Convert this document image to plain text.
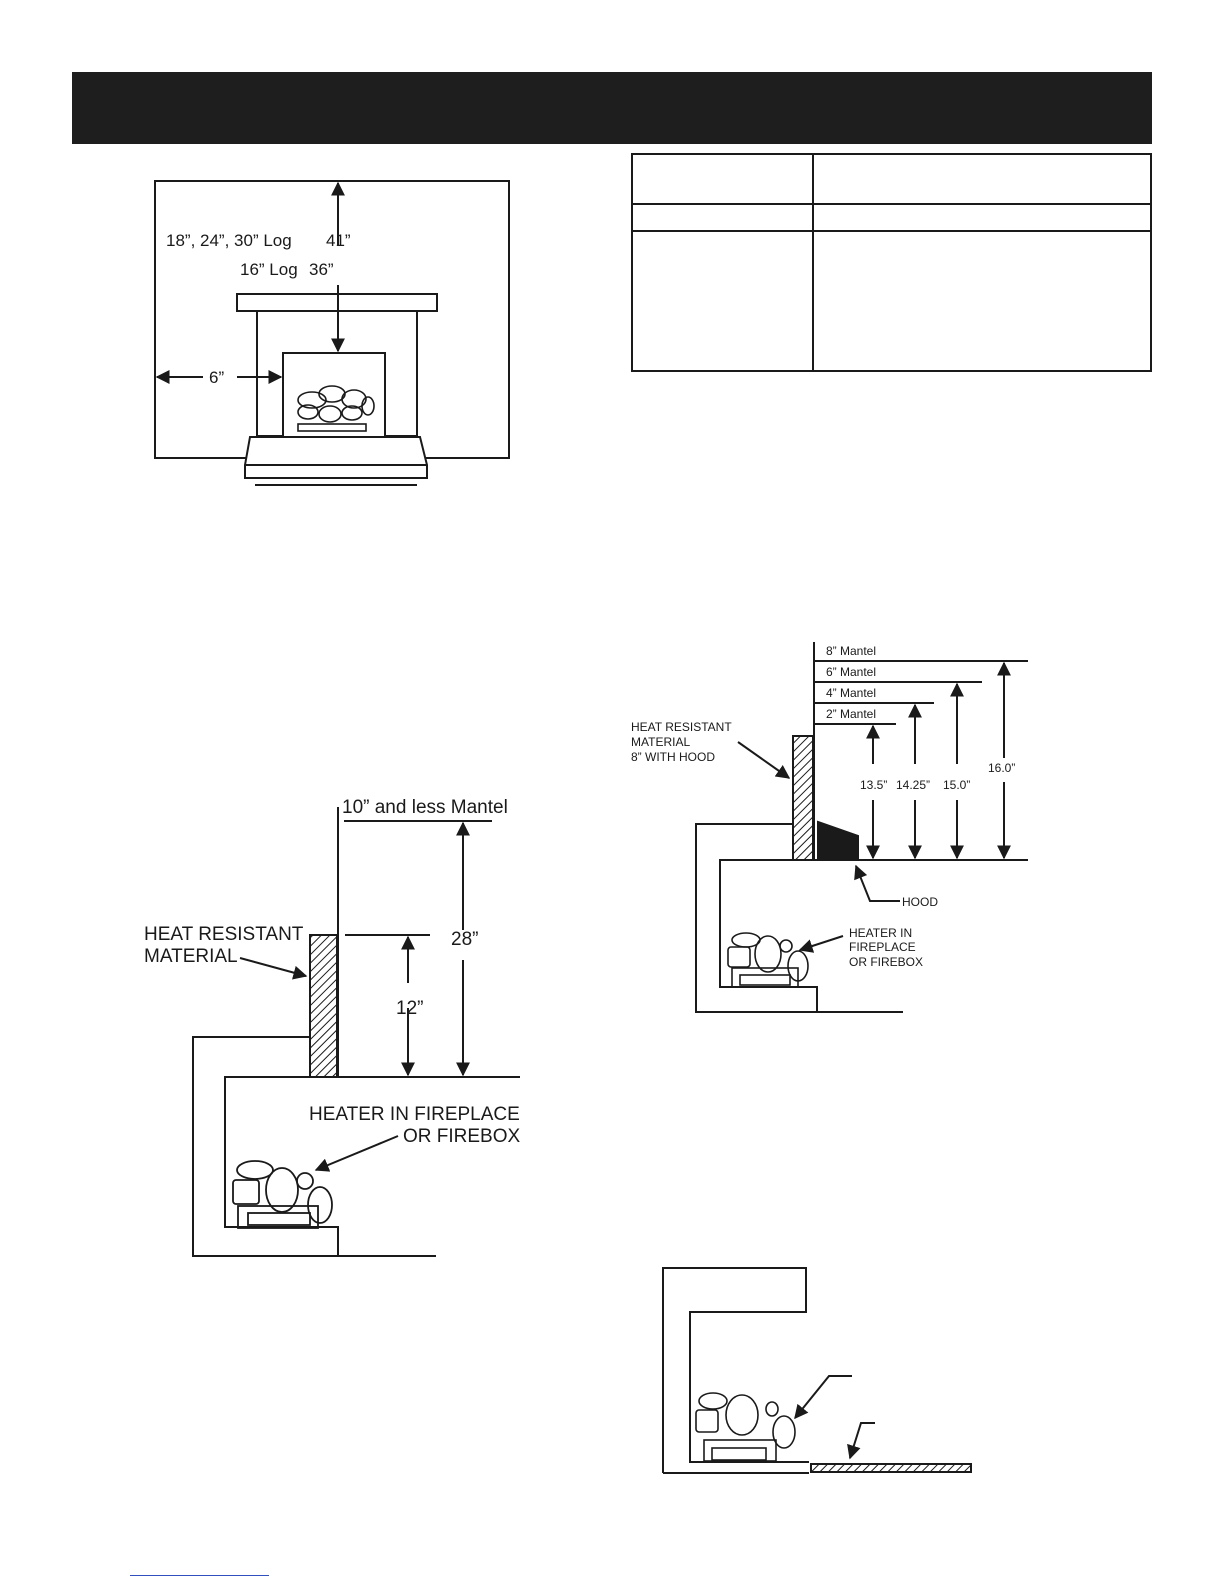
18”, 24”, 30” Log 41”
16” Log 36”
6”
10” and less Mantel
28”
12”
HEAT RESISTANT
MATERIAL
HEATER IN FIREPLACE
OR FIREBOX
8” Mantel
6” Mantel
4” Mantel
2” Mantel
13.5” 14.25” 15.0”
16.0”
HEAT RESISTANT
MATERIAL
8” WITH HOOD
HOOD
HEATER IN
FIREPLACE
OR FIREBOX
